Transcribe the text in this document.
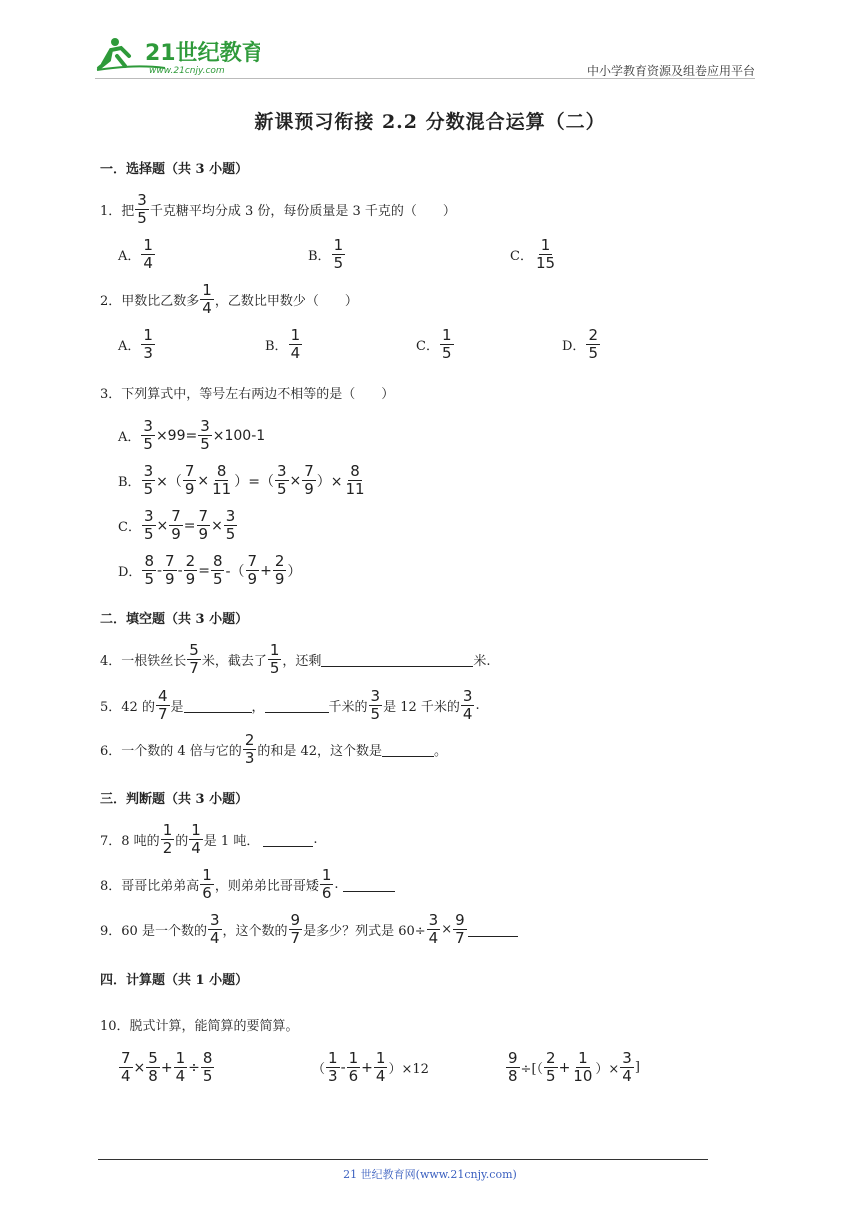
21世纪教育
www.21cnjy.com	中小学教育资源及组卷应用平台
新课预习衔接 2.2 分数混合运算（二）
一．选择题（共 3 小题）
1．把 $\frac{3}{5}$ 千克糖平均分成 3 份，每份质量是 3 千克的（　　）
A． $\frac{1}{4}$	B． $\frac{1}{5}$	C． $\frac{1}{15}$
2．甲数比乙数多 $\frac{1}{4}$ ，乙数比甲数少（　　）
A． $\frac{1}{3}$	B． $\frac{1}{4}$	C． $\frac{1}{5}$	D． $\frac{2}{5}$
3．下列算式中，等号左右两边不相等的是（　　）
A． $\frac{3}{5} \times 99= \frac{3}{5} \times 100-1$
B． $\frac{3}{5}$ ×（ $\frac{7}{9} \times \frac{8}{11}$ ）=（ $\frac{3}{5} \times \frac{7}{9}$ ）× $\frac{8}{11}$
C． $\frac{3}{5} \times \frac{7}{9} = \frac{7}{9} \times \frac{3}{5}$
D． $\frac{8}{5} - \frac{7}{9} - \frac{2}{9} = \frac{8}{5}$ -（ $\frac{7}{9} + \frac{2}{9}$ ）
二．填空题（共 3 小题）
4．一根铁丝长 $\frac{5}{7}$ 米，截去了 $\frac{1}{5}$ ，还剩	米.
5．42 的 $\frac{4}{7}$ 是	，	千米的 $\frac{3}{5}$ 是 12 千米的 $\frac{3}{4}$ .
6．一个数的 4 倍与它的 $\frac{2}{3}$ 的和是 42，这个数是	。
三．判断题（共 3 小题）
7．8 吨的 $\frac{1}{2}$ 的 $\frac{1}{4}$ 是 1 吨．	.
8．哥哥比弟弟高 $\frac{1}{6}$ ，则弟弟比哥哥矮 $\frac{1}{6}$ .
9．60 是一个数的 $\frac{3}{4}$ ，这个数的 $\frac{9}{7}$ 是多少？列式是 $60\div \frac{3}{4} \times \frac{9}{7}$
四．计算题（共 1 小题）
10．脱式计算，能简算的要简算。
$\frac{7}{4} \times \frac{5}{8} + \frac{1}{4} \div \frac{8}{5}$	（ $\frac{1}{3} - \frac{1}{6} + \frac{1}{4} )\times 12$	$\frac{9}{8}$ ÷[（ $\frac{2}{5} + \frac{1}{10}$ ）× $\frac{3}{4}$ ]
21 世纪教育网(www.21cnjy.com)
